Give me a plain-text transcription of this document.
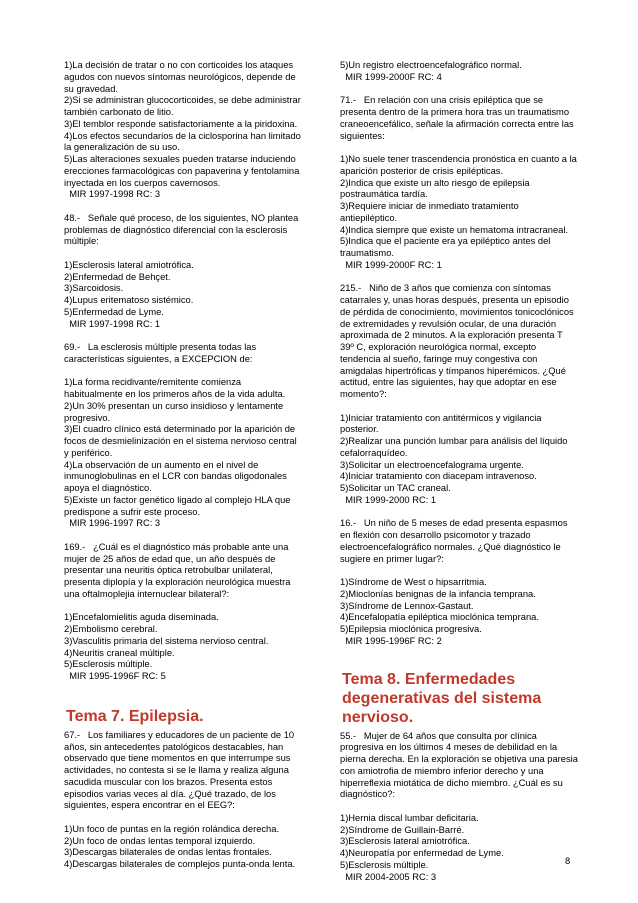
1)La decisión de tratar o no con corticoides los ataques agudos con nuevos síntomas neurológicos, depende de su gravedad.

2)Si se administran glucocorticoides, se debe administrar también carbonato de litio.

3)El temblor responde satisfactoriamente a la piridoxina.

4)Los efectos secundarios de la ciclosporina han limitado la generalización de su uso.

5)Las alteraciones sexuales pueden tratarse induciendo erecciones farmacológicas con papaverina y fentolamina inyectada en los cuerpos cavernosos.

MIR 1997-1998 RC: 3

48.-   Señale qué proceso, de los siguientes, NO plantea problemas de diagnóstico diferencial con la esclerosis múltiple:

1)Esclerosis lateral amiotrófica.

2)Enfermedad de Behçet.

3)Sarcoidosis.

4)Lupus eritematoso sistémico.

5)Enfermedad de Lyme.

MIR 1997-1998 RC: 1

69.-   La esclerosis múltiple presenta todas las características siguientes, a EXCEPCION de:

1)La forma recidivante/remitente comienza habitualmente en los primeros años de la vida adulta.

2)Un 30% presentan un curso insidioso y lentamente progresivo.

3)El cuadro clínico está determinado por la aparición de focos de desmielinización en el sistema nervioso central y periférico.

4)La observación de un aumento en el nivel de inmunoglobulinas en el LCR con bandas oligodonales apoya el diagnóstico.

5)Existe un factor genético ligado al complejo HLA que predispone a sufrir este proceso.

MIR 1996-1997 RC: 3

169.-   ¿Cuál es el diagnóstico más probable ante una mujer de 25 años de edad que, un año después de presentar una neuritis óptica retrobulbar unilateral, presenta diplopía y la exploración neurológica muestra una oftalmoplejia internuclear bilateral?:

1)Encefalomielitis aguda diseminada.

2)Embolismo cerebral.

3)Vasculitis primaria del sistema nervioso central.

4)Neuritis craneal múltiple.

5)Esclerosis múltiple.

MIR 1995-1996F RC: 5

Tema 7. Epilepsia.

67.-   Los familiares y educadores de un paciente de 10 años, sin antecedentes patológicos destacables, han observado que tiene momentos en que interrumpe sus actividades, no contesta si se le llama y realiza alguna sacudida muscular con los brazos. Presenta estos episodios varias veces al día. ¿Qué trazado, de los siguientes, espera encontrar en el EEG?:

1)Un foco de puntas en la región rolándica derecha.

2)Un foco de ondas lentas temporal izquierdo.

3)Descargas bilaterales de ondas lentas frontales.

4)Descargas bilaterales de complejos punta-onda lenta.

5)Un registro electroencefalográfico normal.

MIR 1999-2000F RC: 4

71.-   En relación con una crisis epiléptica que se presenta dentro de la primera hora tras un traumatismo craneoencefálico, señale la afirmación correcta entre las siguientes:

1)No suele tener trascendencia pronóstica en cuanto a la aparición posterior de crisis epilépticas.

2)Indica que existe un alto riesgo de epilepsia postraumática tardía.

3)Requiere iniciar de inmediato tratamiento antiepiléptico.

4)Indica siempre que existe un hematoma intracraneal.

5)Indica que el paciente era ya epiléptico antes del traumatismo.

MIR 1999-2000F RC: 1

215.-   Niño de 3 años que comienza con síntomas catarrales y, unas horas después, presenta un episodio de pérdida de conocimiento, movimientos tonicoclónicos de extremidades y revulsión ocular, de una duración aproximada de 2 minutos. A la exploración presenta T 39º C, exploración neurológica normal, excepto tendencia al sueño, faringe muy congestiva con amigdalas hipertróficas y tímpanos hiperémicos. ¿Qué actitud, entre las siguientes, hay que adoptar en ese momento?:

1)Iniciar tratamiento con antitérmicos y vigilancia posterior.

2)Realizar una punción lumbar para análisis del líquido cefalorraquídeo.

3)Solicitar un electroencefalograma urgente.

4)Iniciar tratamiento con diacepam intravenoso.

5)Solicitar un TAC craneal.

MIR 1999-2000 RC: 1

16.-   Un niño de 5 meses de edad presenta espasmos en flexión con desarrollo psicomotor y trazado electroencefalográfico normales. ¿Qué diagnóstico le sugiere en primer lugar?:

1)Síndrome de West o hipsarritmia.

2)Mioclonías benignas de la infancia temprana.

3)Síndrome de Lennox-Gastaut.

4)Encefalopatía epiléptica mioclónica temprana.

5)Epilepsia mioclónica progresiva.

MIR 1995-1996F RC: 2

Tema 8. Enfermedades degenerativas del sistema nervioso.

55.-   Mujer de 64 años que consulta por clínica progresiva en los últimos 4 meses de debilidad en la pierna derecha. En la exploración se objetiva una paresia con amiotrofia de miembro inferior derecho y una hiperreflexia miotática de dicho miembro. ¿Cuál es su diagnóstico?:

1)Hernia discal lumbar deficitaria.

2)Síndrome de Guillain-Barré.

3)Esclerosis lateral amiotrófica.

4)Neuropatía por enfermedad de Lyme.

5)Esclerosis múltiple.

MIR 2004-2005 RC: 3

8
